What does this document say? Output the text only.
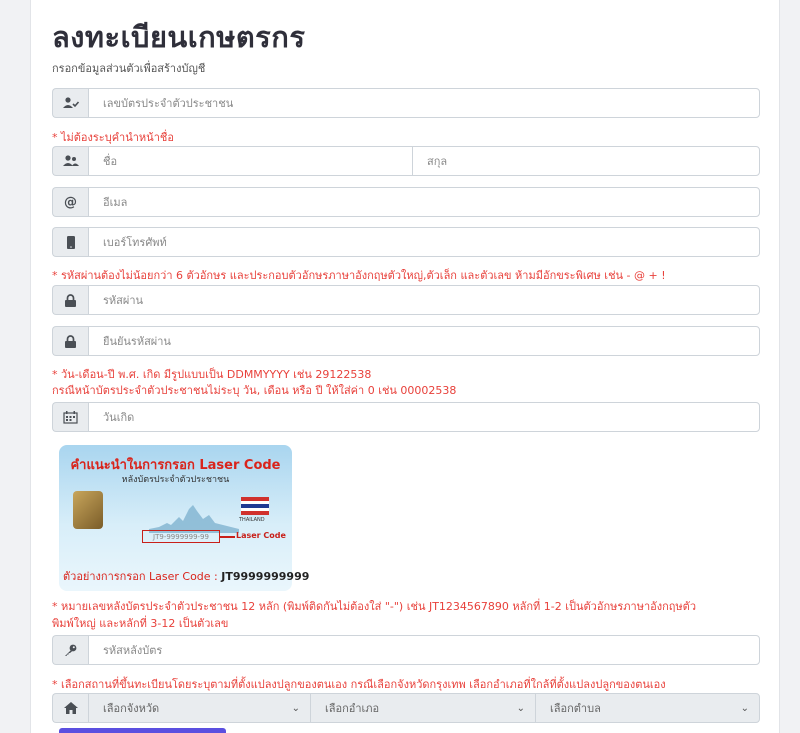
ลงทะเบียนเกษตรกร
กรอกข้อมูลส่วนตัวเพื่อสร้างบัญชี
เลขบัตรประจำตัวประชาชน
* ไม่ต้องระบุคำนำหน้าชื่อ
ชื่อ	สกุล
@	อีเมล
เบอร์โทรศัพท์
* รหัสผ่านต้องไม่น้อยกว่า 6 ตัวอักษร และประกอบตัวอักษรภาษาอังกฤษตัวใหญ่,ตัวเล็ก และตัวเลข ห้ามมีอักขระพิเศษ เช่น - @ + !
รหัสผ่าน
ยืนยันรหัสผ่าน
* วัน-เดือน-ปี พ.ศ. เกิด มีรูปแบบเป็น DDMMYYYY เช่น 29122538
กรณีหน้าบัตรประจำตัวประชาชนไม่ระบุ วัน, เดือน หรือ ปี ให้ใส่ค่า 0 เช่น 00002538
วันเกิด
คำแนะนำในการกรอก Laser Code
หลังบัตรประจำตัวประชาชน
THAILAND
JT9-9999999-99	Laser Code
ตัวอย่างการกรอก Laser Code : JT9999999999
* หมายเลขหลังบัตรประจำตัวประชาชน 12 หลัก (พิมพ์ติดกันไม่ต้องใส่ "-") เช่น JT1234567890 หลักที่ 1-2 เป็นตัวอักษรภาษาอังกฤษตัว
พิมพ์ใหญ่ และหลักที่ 3-12 เป็นตัวเลข
รหัสหลังบัตร
* เลือกสถานที่ขึ้นทะเบียนโดยระบุตามที่ตั้งแปลงปลูกของตนเอง กรณีเลือกจังหวัดกรุงเทพ เลือกอำเภอที่ใกล้ที่ตั้งแปลงปลูกของตนเอง
เลือกจังหวัด	⌄ เลือกอำเภอ	⌄ เลือกตำบล	⌄
